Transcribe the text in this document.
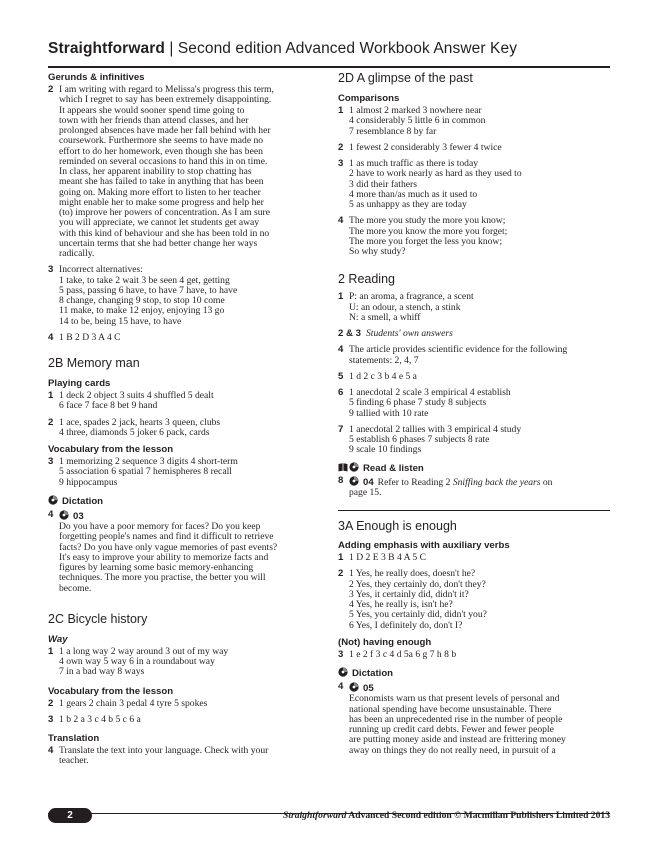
Straightforward | Second edition Advanced Workbook Answer Key
Gerunds & infinitives
2 I am writing with regard to Melissa's progress this term,
which I regret to say has been extremely disappointing.
It appears she would sooner spend time going to
town with her friends than attend classes, and her
prolonged absences have made her fall behind with her
coursework. Furthermore she seems to have made no
effort to do her homework, even though she has been
reminded on several occasions to hand this in on time.
In class, her apparent inability to stop chatting has
meant she has failed to take in anything that has been
going on. Making more effort to listen to her teacher
might enable her to make some progress and help her
(to) improve her powers of concentration. As I am sure
you will appreciate, we cannot let students get away
with this kind of behaviour and she has been told in no
uncertain terms that she had better change her ways
radically.
3 Incorrect alternatives:
1 take, to take 2 wait 3 be seen 4 get, getting
5 pass, passing 6 have, to have 7 have, to have
8 change, changing 9 stop, to stop 10 come
11 make, to make 12 enjoy, enjoying 13 go
14 to be, being 15 have, to have
4 1 B 2 D 3 A 4 C
2B Memory man
Playing cards
1 1 deck 2 object 3 suits 4 shuffled 5 dealt
6 face 7 face 8 bet 9 hand
2 1 ace, spades 2 jack, hearts 3 queen, clubs
4 three, diamonds 5 joker 6 pack, cards
Vocabulary from the lesson
3 1 memorizing 2 sequence 3 digits 4 short-term
5 association 6 spatial 7 hemispheres 8 recall
9 hippocampus
Dictation
4	03
Do you have a poor memory for faces? Do you keep
forgetting people's names and find it difficult to retrieve
facts? Do you have only vague memories of past events?
It's easy to improve your ability to memorize facts and
figures by learning some basic memory-enhancing
techniques. The more you practise, the better you will
become.
2C Bicycle history
Way
1 1 a long way 2 way around 3 out of my way
4 own way 5 way 6 in a roundabout way
7 in a bad way 8 ways
Vocabulary from the lesson
2 1 gears 2 chain 3 pedal 4 tyre 5 spokes
3 1 b 2 a 3 c 4 b 5 c 6 a
Translation
4 Translate the text into your language. Check with your
teacher.
2D A glimpse of the past
Comparisons
1 1 almost 2 marked 3 nowhere near
4 considerably 5 little 6 in common
7 resemblance 8 by far
2 1 fewest 2 considerably 3 fewer 4 twice
3 1 as much traffic as there is today
2 have to work nearly as hard as they used to
3 did their fathers
4 more than/as much as it used to
5 as unhappy as they are today
4 The more you study the more you know;
The more you know the more you forget;
The more you forget the less you know;
So why study?
2 Reading
1 P: an aroma, a fragrance, a scent
U: an odour, a stench, a stink
N: a smell, a whiff
2 & 3 Students' own answers
4 The article provides scientific evidence for the following
statements: 2, 4, 7
5 1 d 2 c 3 b 4 e 5 a
6 1 anecdotal 2 scale 3 empirical 4 establish
5 finding 6 phase 7 study 8 subjects
9 tallied with 10 rate
7 1 anecdotal 2 tallies with 3 empirical 4 study
5 establish 6 phases 7 subjects 8 rate
9 scale 10 findings
Read & listen
8	04 Refer to Reading 2 Sniffing back the years on
page 15.
3A Enough is enough
Adding emphasis with auxiliary verbs
1 1 D 2 E 3 B 4 A 5 C
2 1 Yes, he really does, doesn't he?
2 Yes, they certainly do, don't they?
3 Yes, it certainly did, didn't it?
4 Yes, he really is, isn't he?
5 Yes, you certainly did, didn't you?
6 Yes, I definitely do, don't I?
(Not) having enough
3 1 e 2 f 3 c 4 d 5a 6 g 7 h 8 b
Dictation
4	05
Economists warn us that present levels of personal and
national spending have become unsustainable. There
has been an unprecedented rise in the number of people
running up credit card debts. Fewer and fewer people
are putting money aside and instead are frittering money
away on things they do not really need, in pursuit of a
2	Straightforward Advanced Second edition © Macmillan Publishers Limited 2013
